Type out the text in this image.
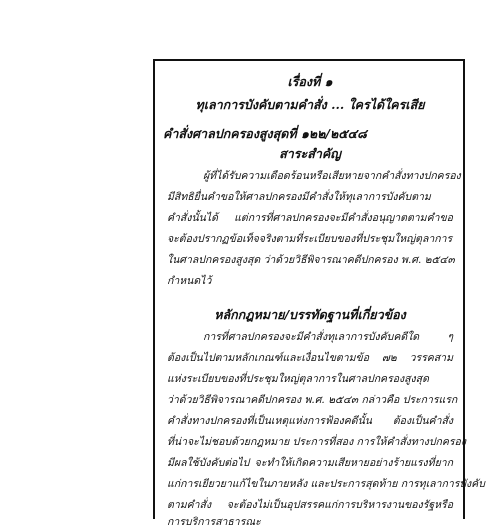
เรื่องที่ ๑
ทุเลาการบังคับตามคำสั่ง ... ใครได้ใครเสีย
คำสั่งศาลปกครองสูงสุดที่ ๑๒๒/๒๕๔๘
สาระสำคัญ
ผู้ที่ได้รับความเดือดร้อนหรือเสียหายจากคำสั่งทางปกครอง
มีสิทธิยื่นคำขอให้ศาลปกครองมีคำสั่งให้ทุเลาการบังคับตาม
คำสั่งนั้นได้ แต่การที่ศาลปกครองจะมีคำสั่งอนุญาตตามคำขอ
จะต้องปรากฏข้อเท็จจริงตามที่ระเบียบของที่ประชุมใหญ่ตุลาการ
ในศาลปกครองสูงสุด ว่าด้วยวิธีพิจารณาคดีปกครอง พ.ศ. ๒๕๔๓
กำหนดไว้
หลักกฎหมาย/บรรทัดฐานที่เกี่ยวข้อง
การที่ศาลปกครองจะมีคำสั่งทุเลาการบังคับคดีใด ๆ
ต้องเป็นไปตามหลักเกณฑ์และเงื่อนไขตามข้อ ๗๒ วรรคสาม
แห่งระเบียบของที่ประชุมใหญ่ตุลาการในศาลปกครองสูงสุด
ว่าด้วยวิธีพิจารณาคดีปกครอง พ.ศ. ๒๕๔๓ กล่าวคือ ประการแรก
คำสั่งทางปกครองที่เป็นเหตุแห่งการฟ้องคดีนั้น ต้องเป็นคำสั่ง
ที่น่าจะไม่ชอบด้วยกฎหมาย ประการที่สอง การให้คำสั่งทางปกครอง
มีผลใช้บังคับต่อไป จะทำให้เกิดความเสียหายอย่างร้ายแรงที่ยาก
แก่การเยียวยาแก้ไขในภายหลัง และประการสุดท้าย การทุเลาการบังคับ
ตามคำสั่ง จะต้องไม่เป็นอุปสรรคแก่การบริหารงานของรัฐหรือ
การบริการสาธารณะ
